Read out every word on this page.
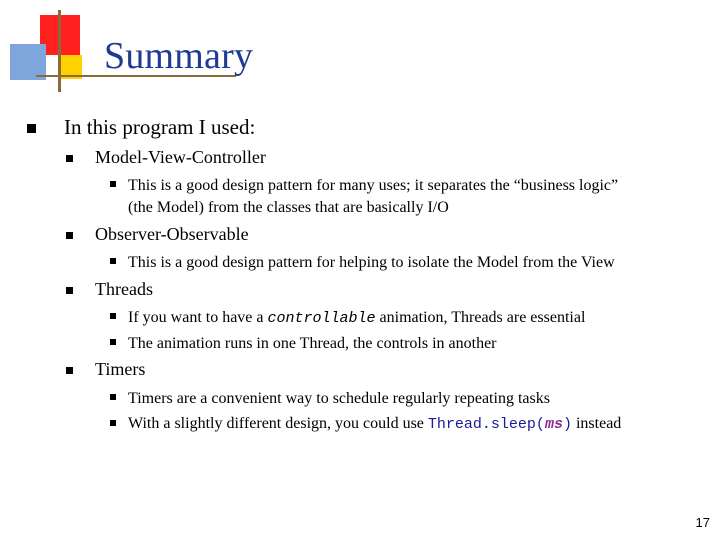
Summary
In this program I used:
Model-View-Controller
This is a good design pattern for many uses; it separates the “business logic”
(the Model) from the classes that are basically I/O
Observer-Observable
This is a good design pattern for helping to isolate the Model from the View
Threads
If you want to have a controllable animation, Threads are essential
The animation runs in one Thread, the controls in another
Timers
Timers are a convenient way to schedule regularly repeating tasks
With a slightly different design, you could use Thread.sleep(ms) instead
17
